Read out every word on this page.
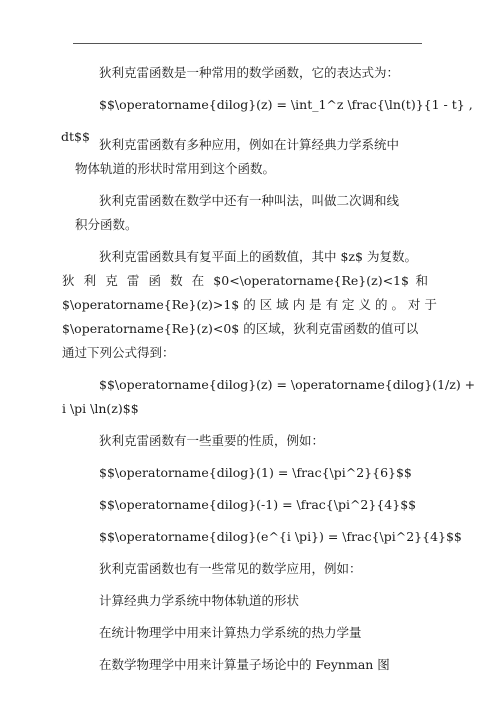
狄利克雷函数是一种常用的数学函数，它的表达式为：
$$\operatorname{dilog}(z) = \int_1^z \frac{\ln(t)}{1 - t} ,
dt$$
狄利克雷函数有多种应用，例如在计算经典力学系统中
物体轨道的形状时常用到这个函数。
狄利克雷函数在数学中还有一种叫法，叫做二次调和线
积分函数。
狄利克雷函数具有复平面上的函数值，其中 $z$ 为复数。
狄 利 克 雷 函 数 在 $0<\operatorname{Re}(z)<1$ 和
$\operatorname{Re}(z)>1$ 的 区 域 内 是 有 定 义 的 。 对 于
$\operatorname{Re}(z)<0$ 的区域，狄利克雷函数的值可以
通过下列公式得到：
$$\operatorname{dilog}(z) = \operatorname{dilog}(1/z) +
i \pi \ln(z)$$
狄利克雷函数有一些重要的性质，例如：
$$\operatorname{dilog}(1) = \frac{\pi^2}{6}$$
$$\operatorname{dilog}(-1) = \frac{\pi^2}{4}$$
$$\operatorname{dilog}(e^{i \pi}) = \frac{\pi^2}{4}$$
狄利克雷函数也有一些常见的数学应用，例如：
计算经典力学系统中物体轨道的形状
在统计物理学中用来计算热力学系统的热力学量
在数学物理学中用来计算量子场论中的 Feynman 图
